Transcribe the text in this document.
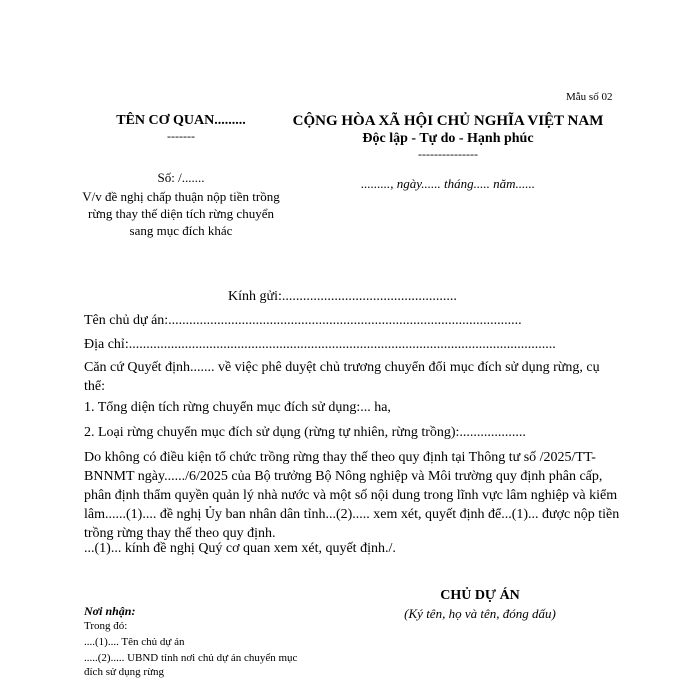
Mẫu số 02
TÊN CƠ QUAN.........
-------
CỘNG HÒA XÃ HỘI CHỦ NGHĨA VIỆT NAM
Độc lập - Tự do - Hạnh phúc
---------------
Số: /.......
V/v đề nghị chấp thuận nộp tiền trồng rừng thay thế diện tích rừng chuyển sang mục đích khác
........., ngày...... tháng..... năm......
Kính gửi:..................................................
Tên chủ dự án:.....................................................................................................
Địa chỉ:..........................................................................................................................
Căn cứ Quyết định....... về việc phê duyệt chủ trương chuyển đổi mục đích sử dụng rừng, cụ thể:
1. Tổng diện tích rừng chuyển mục đích sử dụng:... ha,
2. Loại rừng chuyển mục đích sử dụng (rừng tự nhiên, rừng trồng):...................
Do không có điều kiện tổ chức trồng rừng thay thế theo quy định tại Thông tư số /2025/TT-BNNMT ngày....../6/2025 của Bộ trưởng Bộ Nông nghiệp và Môi trường quy định phân cấp, phân định thẩm quyền quản lý nhà nước và một số nội dung trong lĩnh vực lâm nghiệp và kiểm lâm......(1).... đề nghị Ủy ban nhân dân tỉnh...(2)..... xem xét, quyết định để...(1)... được nộp tiền trồng rừng thay thế theo quy định.
...(1)... kính đề nghị Quý cơ quan xem xét, quyết định./.
CHỦ DỰ ÁN
(Ký tên, họ và tên, đóng dấu)
Nơi nhận:
Trong đó:
....(1).... Tên chủ dự án
.....(2)..... UBND tỉnh nơi chủ dự án chuyển mục
đích sử dụng rừng
